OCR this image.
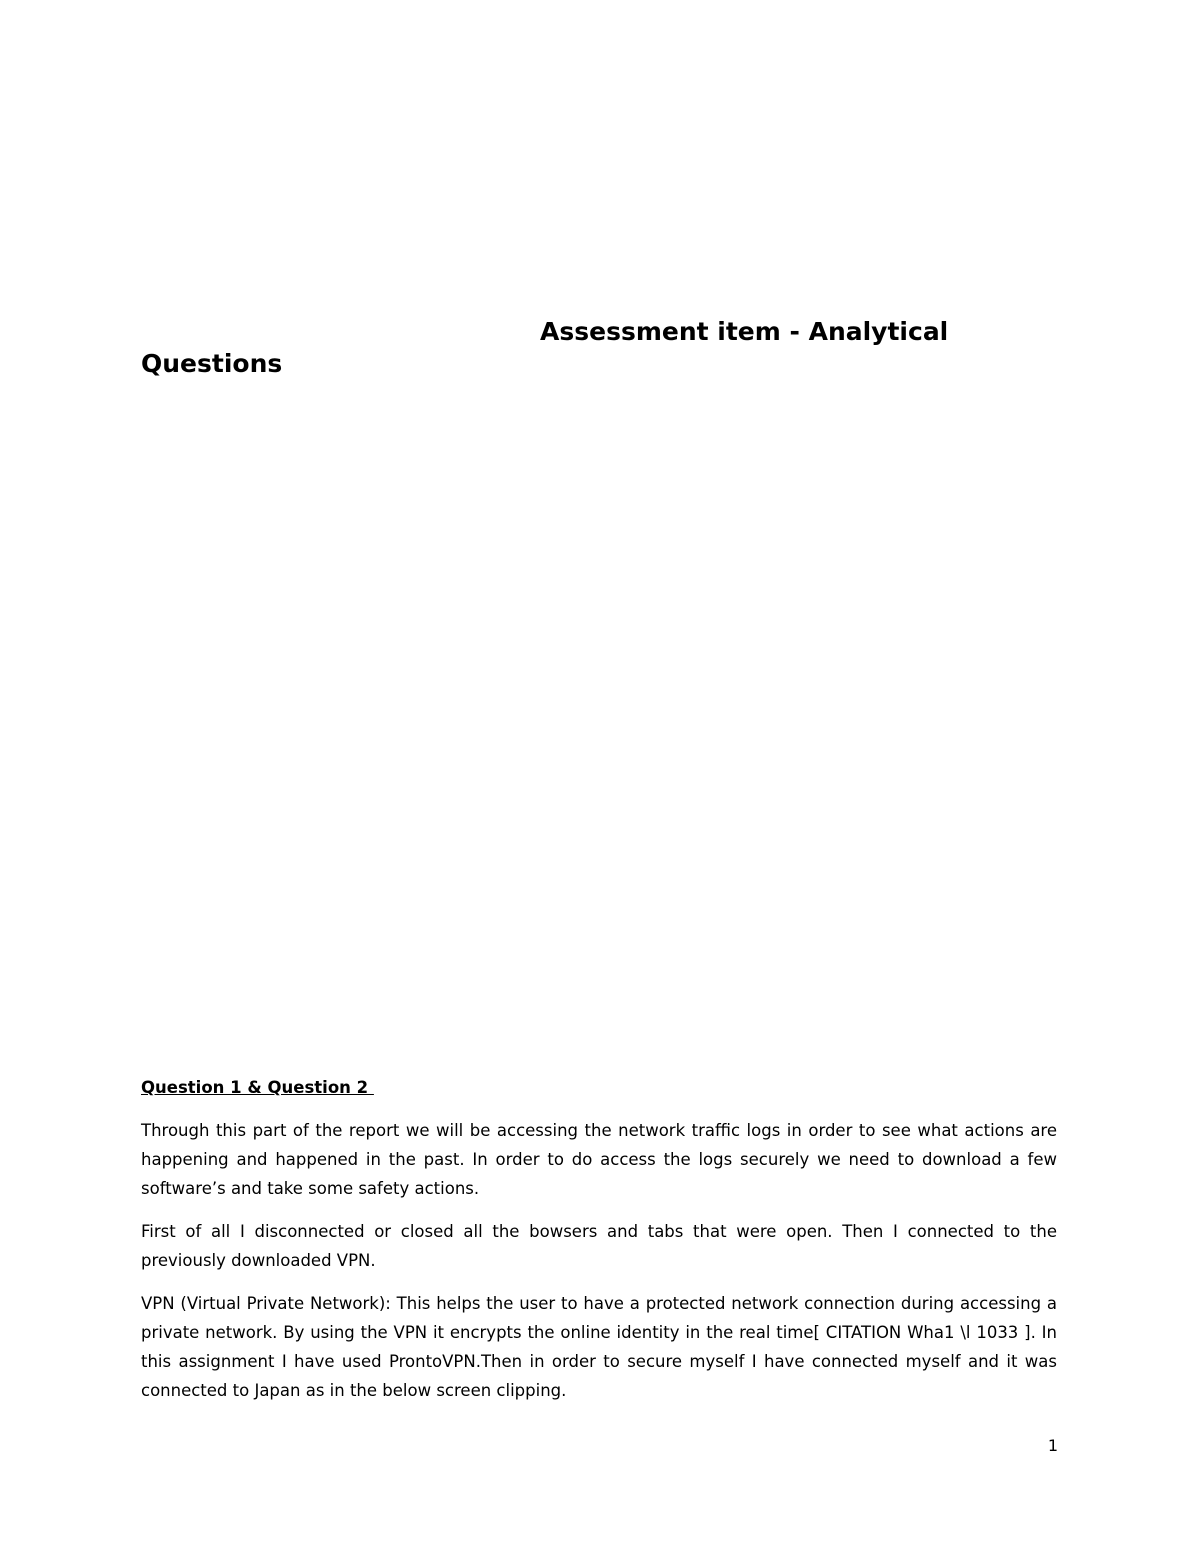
Assessment item - Analytical
Questions

Question 1 & Question 2

Through this part of the report we will be accessing the network traffic logs in order to see what actions are happening and happened in the past. In order to do access the logs securely we need to download a few software’s and take some safety actions.

First of all I disconnected or closed all the bowsers and tabs that were open. Then I connected to the previously downloaded VPN.

VPN (Virtual Private Network): This helps the user to have a protected network connection during accessing a private network. By using the VPN it encrypts the online identity in the real time[ CITATION Wha1 \l 1033 ]. In this assignment I have used ProntoVPN.Then in order to secure myself I have connected myself and it was connected to Japan as in the below screen clipping.

1
